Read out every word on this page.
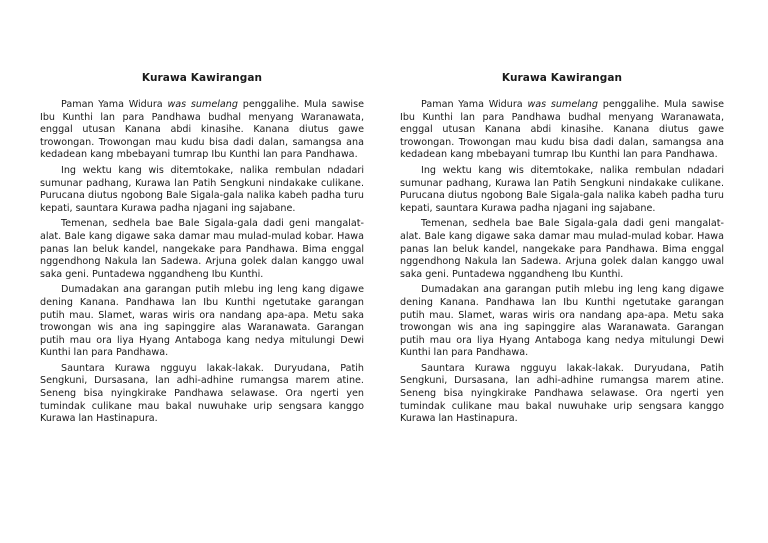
Kurawa Kawirangan

Paman Yama Widura was sumelang penggalihe. Mula sawise Ibu Kunthi lan para Pandhawa budhal menyang Waranawata, enggal utusan Kanana abdi kinasihe. Kanana diutus gawe trowongan. Trowongan mau kudu bisa dadi dalan, samangsa ana kedadean kang mbebayani tumrap Ibu Kunthi lan para Pandhawa.

Ing wektu kang wis ditemtokake, nalika rembulan ndadari sumunar padhang, Kurawa lan Patih Sengkuni nindakake culikane. Purucana diutus ngobong Bale Sigala-gala nalika kabeh padha turu kepati, sauntara Kurawa padha njagani ing sajabane.

Temenan, sedhela bae Bale Sigala-gala dadi geni mangalat-alat. Bale kang digawe saka damar mau mulad-mulad kobar. Hawa panas lan beluk kandel, nangekake para Pandhawa. Bima enggal nggendhong Nakula lan Sadewa. Arjuna golek dalan kanggo uwal saka geni. Puntadewa nggandheng Ibu Kunthi.

Dumadakan ana garangan putih mlebu ing leng kang digawe dening Kanana. Pandhawa lan Ibu Kunthi ngetutake garangan putih mau. Slamet, waras wiris ora nandang apa-apa. Metu saka trowongan wis ana ing sapinggire alas Waranawata. Garangan putih mau ora liya Hyang Antaboga kang nedya mitulungi Dewi Kunthi lan para Pandhawa.

Sauntara Kurawa ngguyu lakak-lakak. Duryudana, Patih Sengkuni, Dursasana, lan adhi-adhine rumangsa marem atine. Seneng bisa nyingkirake Pandhawa selawase. Ora ngerti yen tumindak culikane mau bakal nuwuhake urip sengsara kanggo Kurawa lan Hastinapura.

Kurawa Kawirangan

Paman Yama Widura was sumelang penggalihe. Mula sawise Ibu Kunthi lan para Pandhawa budhal menyang Waranawata, enggal utusan Kanana abdi kinasihe. Kanana diutus gawe trowongan. Trowongan mau kudu bisa dadi dalan, samangsa ana kedadean kang mbebayani tumrap Ibu Kunthi lan para Pandhawa.

Ing wektu kang wis ditemtokake, nalika rembulan ndadari sumunar padhang, Kurawa lan Patih Sengkuni nindakake culikane. Purucana diutus ngobong Bale Sigala-gala nalika kabeh padha turu kepati, sauntara Kurawa padha njagani ing sajabane.

Temenan, sedhela bae Bale Sigala-gala dadi geni mangalat-alat. Bale kang digawe saka damar mau mulad-mulad kobar. Hawa panas lan beluk kandel, nangekake para Pandhawa. Bima enggal nggendhong Nakula lan Sadewa. Arjuna golek dalan kanggo uwal saka geni. Puntadewa nggandheng Ibu Kunthi.

Dumadakan ana garangan putih mlebu ing leng kang digawe dening Kanana. Pandhawa lan Ibu Kunthi ngetutake garangan putih mau. Slamet, waras wiris ora nandang apa-apa. Metu saka trowongan wis ana ing sapinggire alas Waranawata. Garangan putih mau ora liya Hyang Antaboga kang nedya mitulungi Dewi Kunthi lan para Pandhawa.

Sauntara Kurawa ngguyu lakak-lakak. Duryudana, Patih Sengkuni, Dursasana, lan adhi-adhine rumangsa marem atine. Seneng bisa nyingkirake Pandhawa selawase. Ora ngerti yen tumindak culikane mau bakal nuwuhake urip sengsara kanggo Kurawa lan Hastinapura.
